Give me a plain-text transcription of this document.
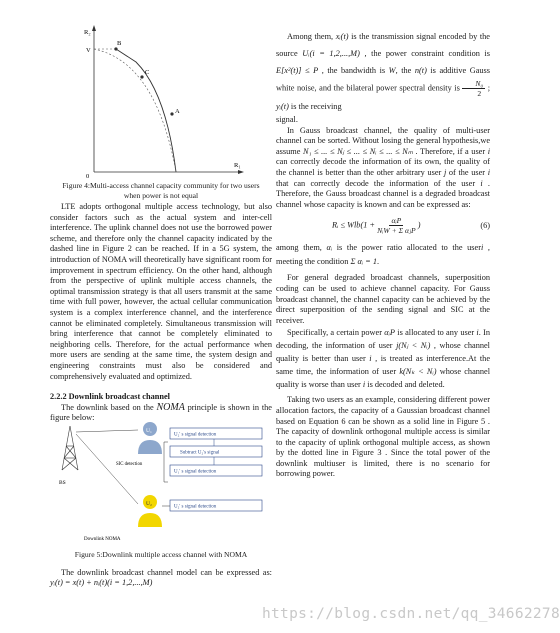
R₂
V
B
C
A
0
R₁

Figure 4:Multi-access channel capacity community for two users when power is not equal

LTE adopts orthogonal multiple access technology, but also consider factors such as the actual system and inter-cell interference. The uplink channel does not use the borrowed power scheme, and therefore only the channel capacity indicated by the dashed line in Figure 2 can be reached. If in a 5G system, the introduction of NOMA will theoretically have significant room for improvement in spectrum efficiency. On the other hand, although from the perspective of uplink multiple access channels, the optimal transmission strategy is that all users transmit at the same time with full power, however, the actual cellular communication system is a complex interference channel, and the interference cannot be eliminated completely. Simultaneous transmission will bring interference that cannot be completely eliminated to neighboring cells. Therefore, for the actual performance when more users are sending at the same time, the system design and engineering constraints must also be considered and comprehensively evaluated and optimized.

2.2.2 Downlink broadcast channel

The downlink based on the NOMA principle is shown in the figure below:

BS
Downlink NOMA
U₁
U₂
SIC detection
U₂' s signal detection
Subtract U₂'s signal
U₁' s signal detection
U₂' s signal detection

Figure 5:Downlink multiple access channel with NOMA

The downlink broadcast channel model can be expressed as: yᵢ(t) = x(t) + nᵢ(t)(i = 1,2,...,M)

Among them, xᵢ(t) is the transmission signal encoded by the source Uᵢ(i = 1,2,...,M) , the power constraint condition is E[x²(t)] ≤ P , the bandwidth is W, the n(t) is additive Gauss white noise, and the bilateral power spectral density is $\frac{\text{N₀}}{2}$ ; yᵢ(t) is the receiving

signal.

In Gauss broadcast channel, the quality of multi-user channel can be sorted. Without losing the general hypothesis,we assume N₁ ≤ ... ≤ Nⱼ ≤ ... ≤ Nᵢ ≤ ... ≤ Nₘ . Therefore, if a user i can correctly decode the information of its own, the quality of the channel is better than the other arbitrary user j of the user i that can correctly decode the information of the user i . Therefore, the Gauss broadcast channel is a degraded broadcast channel whose capacity is known and can be expressed as:

Rᵢ ≤ $Wlb(1 + \frac{\text{αᵢP}}{\text{NᵢW + Σ αⱼP}}$ )	(6)

among them, αᵢ is the power ratio allocated to the useri , meeting the condition Σ αᵢ = 1.

For general degraded broadcast channels, superposition coding can be used to achieve channel capacity. For Gauss broadcast channel, the channel capacity can be achieved by the direct superposition of the sending signal and SIC at the receiver.

Specifically, a certain power αᵢP is allocated to any user i. In decoding, the information of user j(Nⱼ < Nᵢ) , whose channel quality is better than user i , is treated as interference.At the same time, the information of user k(Nₖ < Nᵢ) whose channel quality is worse than user i is decoded and deleted.

Taking two users as an example, considering different power allocation factors, the capacity of a Gaussian broadcast channel based on Equation 6 can be shown as a solid line in Figure 5 . The capacity of downlink orthogonal multiple access is similar to the capacity of uplink orthogonal multiple access, as shown by the dotted line in Figure 3 . Since the total power of the downlink multiuser is limited, there is no scenario for borrowing power.

https://blog.csdn.net/qq_34662278
